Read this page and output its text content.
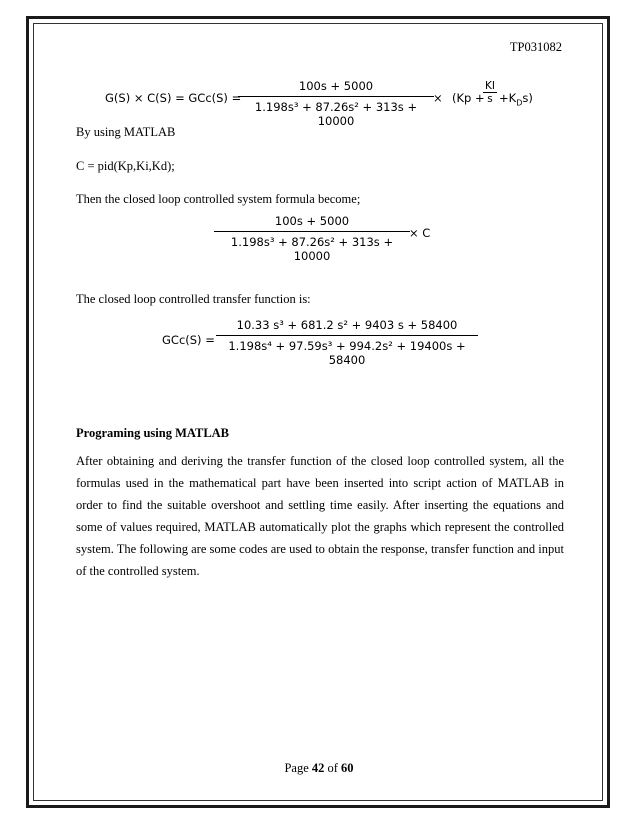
TP031082
G(S) × C(S) = GCc(S) =
100s + 5000
1.198s³ + 87.26s² + 313s + 10000
× (Kp +
KI
$s +K_Ds$)
By using MATLAB
C = pid(Kp,Ki,Kd);
Then the closed loop controlled system formula become;
100s + 5000
1.198s³ + 87.26s² + 313s + 10000
× C
The closed loop controlled transfer function is:
GCc(S) =
10.33 s³ + 681.2 s² + 9403 s + 58400
1.198s⁴ + 97.59s³ + 994.2s² + 19400s + 58400
Programing using MATLAB
After obtaining and deriving the transfer function of the closed loop controlled system, all the formulas used in the mathematical part have been inserted into script action of MATLAB in order to find the suitable overshoot and settling time easily. After inserting the equations and some of values required, MATLAB automatically plot the graphs which represent the controlled system. The following are some codes are used to obtain the response, transfer function and input of the controlled system.
Page 42 of 60
